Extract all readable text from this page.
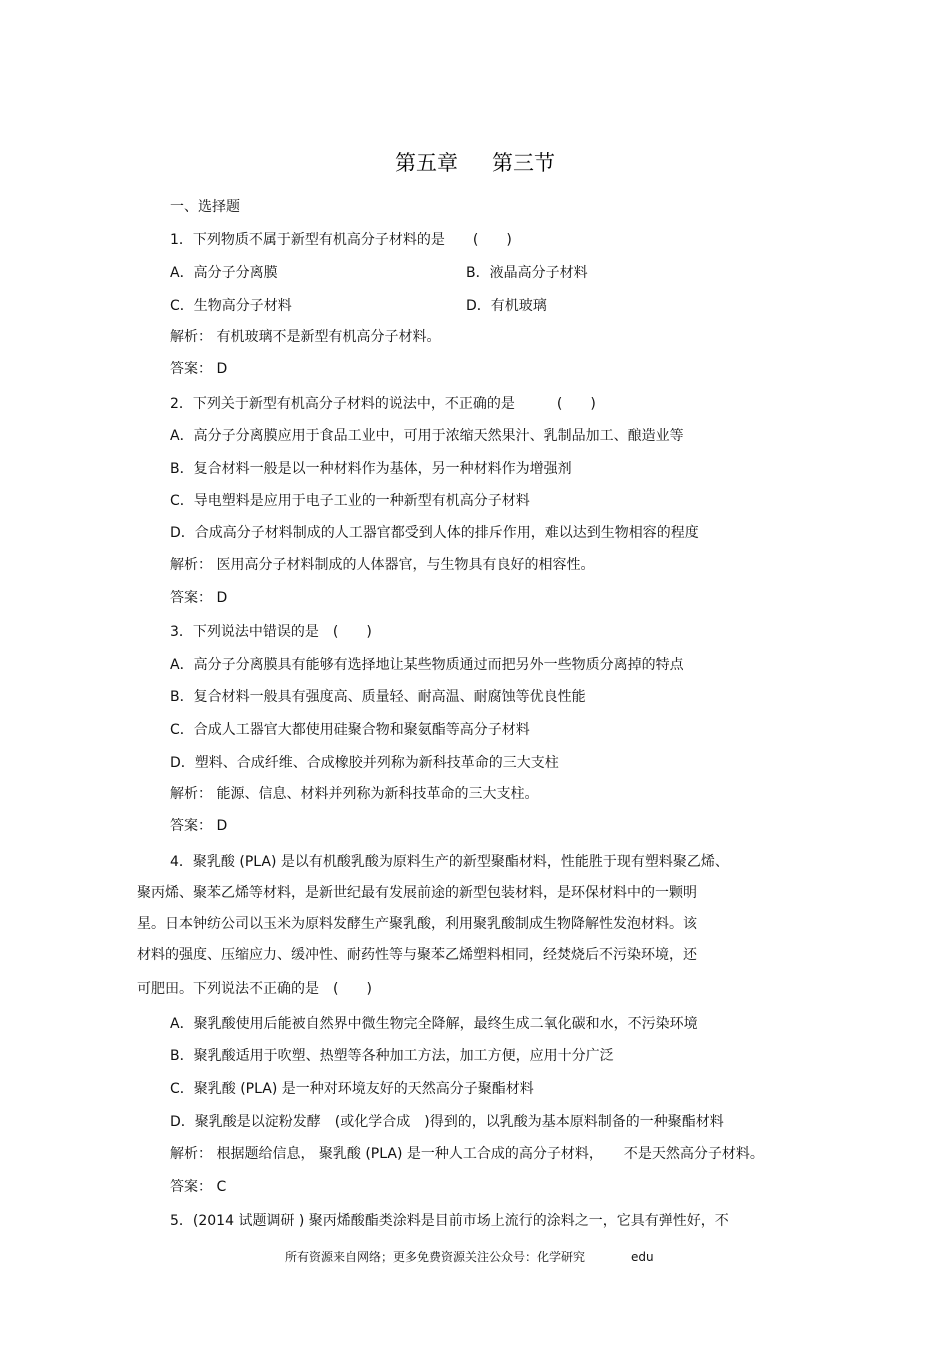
第五章 第三节
一、选择题
1．下列物质不属于新型有机高分子材料的是　　(　　)
A．高分子分离膜	B．液晶高分子材料
C．生物高分子材料	D．有机玻璃
解析： 有机玻璃不是新型有机高分子材料。
答案： D
2．下列关于新型有机高分子材料的说法中，不正确的是　　　(　　)
A．高分子分离膜应用于食品工业中，可用于浓缩天然果汁、乳制品加工、酿造业等
B．复合材料一般是以一种材料作为基体，另一种材料作为增强剂
C．导电塑料是应用于电子工业的一种新型有机高分子材料
D．合成高分子材料制成的人工器官都受到人体的排斥作用，难以达到生物相容的程度
解析： 医用高分子材料制成的人体器官，与生物具有良好的相容性。
答案： D
3．下列说法中错误的是　(　　)
A．高分子分离膜具有能够有选择地让某些物质通过而把另外一些物质分离掉的特点
B．复合材料一般具有强度高、质量轻、耐高温、耐腐蚀等优良性能
C．合成人工器官大都使用硅聚合物和聚氨酯等高分子材料
D．塑料、合成纤维、合成橡胶并列称为新科技革命的三大支柱
解析： 能源、信息、材料并列称为新科技革命的三大支柱。
答案： D
4．聚乳酸 (PLA) 是以有机酸乳酸为原料生产的新型聚酯材料，性能胜于现有塑料聚乙烯、
聚丙烯、聚苯乙烯等材料，是新世纪最有发展前途的新型包装材料，是环保材料中的一颗明
星。日本钟纺公司以玉米为原料发酵生产聚乳酸，利用聚乳酸制成生物降解性发泡材料。该
材料的强度、压缩应力、缓冲性、耐药性等与聚苯乙烯塑料相同，经焚烧后不污染环境，还
可肥田。下列说法不正确的是　(　　)
A．聚乳酸使用后能被自然界中微生物完全降解，最终生成二氧化碳和水，不污染环境
B．聚乳酸适用于吹塑、热塑等各种加工方法，加工方便，应用十分广泛
C．聚乳酸 (PLA) 是一种对环境友好的天然高分子聚酯材料
D．聚乳酸是以淀粉发酵　(或化学合成　)得到的，以乳酸为基本原料制备的一种聚酯材料
解析： 根据题给信息， 聚乳酸 (PLA) 是一种人工合成的高分子材料，　　不是天然高分子材料。
答案： C
5．(2014 试题调研 ) 聚丙烯酸酯类涂料是目前市场上流行的涂料之一，它具有弹性好，不
所有资源来自网络；更多免费资源关注公众号：化学研究	edu
